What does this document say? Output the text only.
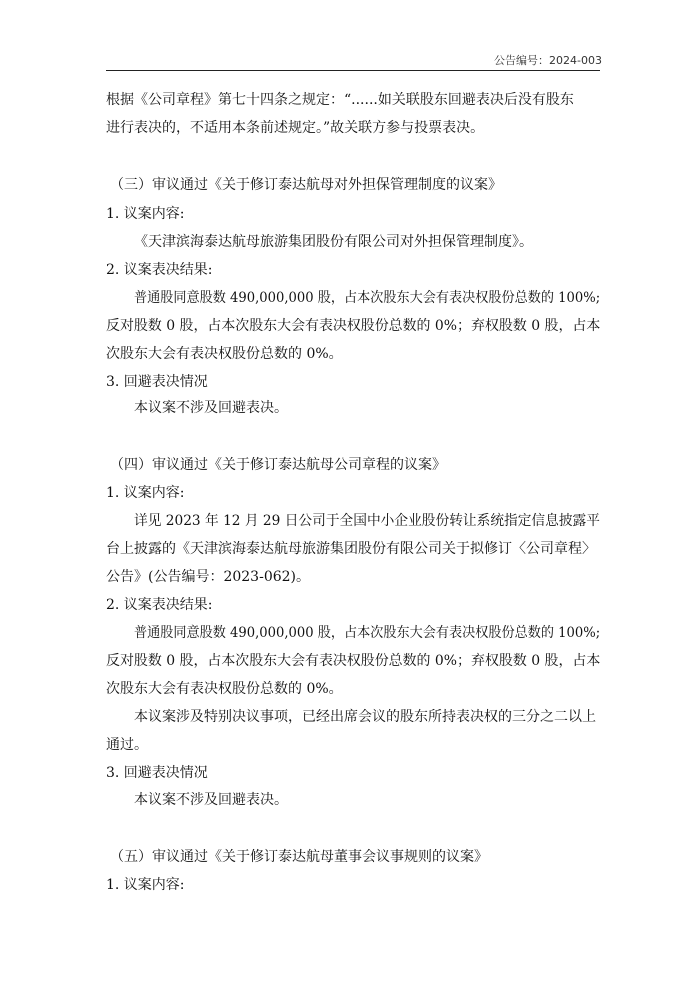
公告编号：2024-003
根据《公司章程》第七十四条之规定：“......如关联股东回避表决后没有股东
进行表决的，不适用本条前述规定。”故关联方参与投票表决。
（三）审议通过《关于修订泰达航母对外担保管理制度的议案》
1. 议案内容:
《天津滨海泰达航母旅游集团股份有限公司对外担保管理制度》。
2. 议案表决结果:
普通股同意股数 490,000,000 股，占本次股东大会有表决权股份总数的 100%;
反对股数 0 股，占本次股东大会有表决权股份总数的 0%；弃权股数 0 股，占本
次股东大会有表决权股份总数的 0%。
3. 回避表决情况
本议案不涉及回避表决。
（四）审议通过《关于修订泰达航母公司章程的议案》
1. 议案内容:
详见 2023 年 12 月 29 日公司于全国中小企业股份转让系统指定信息披露平
台上披露的《天津滨海泰达航母旅游集团股份有限公司关于拟修订〈公司章程〉
公告》(公告编号：2023-062)。
2. 议案表决结果:
普通股同意股数 490,000,000 股，占本次股东大会有表决权股份总数的 100%;
反对股数 0 股，占本次股东大会有表决权股份总数的 0%；弃权股数 0 股，占本
次股东大会有表决权股份总数的 0%。
本议案涉及特别决议事项，已经出席会议的股东所持表决权的三分之二以上
通过。
3. 回避表决情况
本议案不涉及回避表决。
（五）审议通过《关于修订泰达航母董事会议事规则的议案》
1. 议案内容:
